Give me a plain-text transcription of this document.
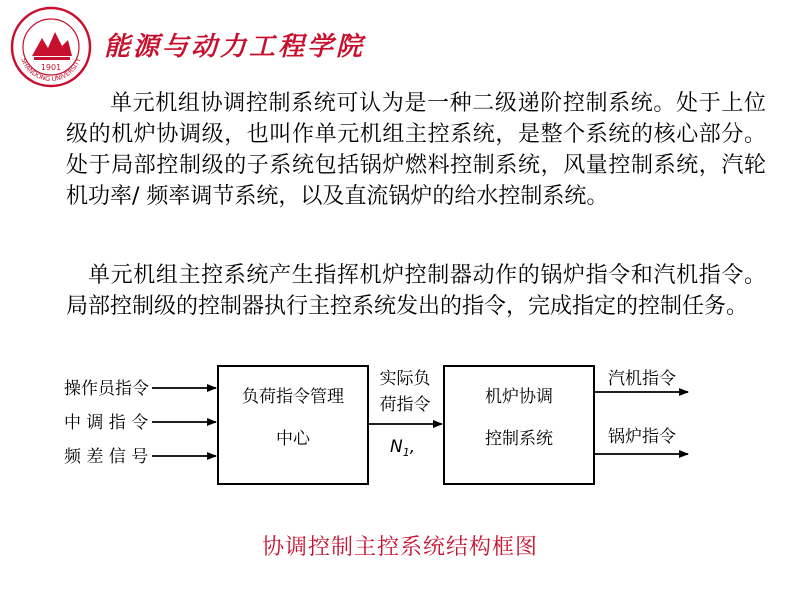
1901
SHANDONG UNIVERSITY 能源与动力工程学院

单元机组协调控制系统可认为是一种二级递阶控制系统。处于上位级的机炉协调级，也叫作单元机组主控系统，是整个系统的核心部分。处于局部控制级的子系统包括锅炉燃料控制系统，风量控制系统，汽轮机功率/ 频率调节系统，以及直流锅炉的给水控制系统。

单元机组主控系统产生指挥机炉控制器动作的锅炉指令和汽机指令。局部控制级的控制器执行主控系统发出的指令，完成指定的控制任务。

操作员指令
中 调 指 令
频 差 信 号
负荷指令管理
中心
实际负
荷指令
$N_1$,
机炉协调
控制系统
汽机指令
锅炉指令
协调控制主控系统结构框图
